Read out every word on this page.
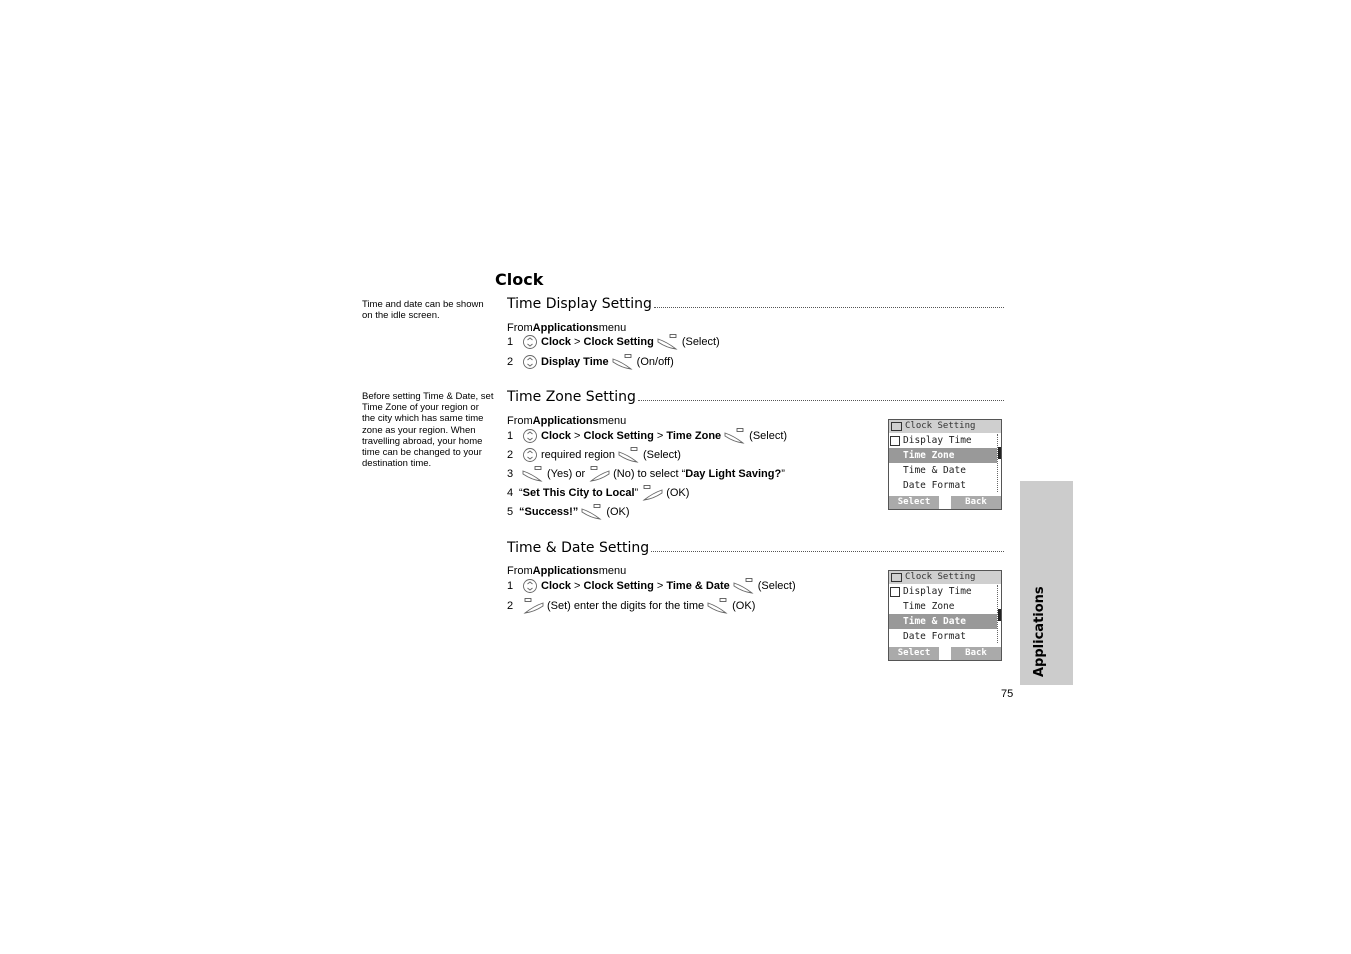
Clock
Time and date can be shown on the idle screen.
Before setting Time & Date, set Time Zone of your region or the city which has same time zone as your region. When travelling abroad, your home time can be changed to your destination time.
Time Display Setting
From Applications menu
1	Clock > Clock Setting	(Select)
2	Display Time	(On/off)
Time Zone Setting
From Applications menu
1	Clock > Clock Setting > Time Zone	(Select)
2	required region	(Select)
3	(Yes) or	(No) to select “ Day Light Saving? ”
4 “ Set This City to Local ”	(OK)
5 “Success!”	(OK)
Time & Date Setting
From Applications menu
1	Clock > Clock Setting > Time & Date	(Select)
2	(Set) enter the digits for the time	(OK)
Clock Setting
Display Time
Time Zone
Time & Date
Date Format
Select	Back
Clock Setting
Display Time
Time Zone
Time & Date
Date Format
Select	Back	Applications
75
